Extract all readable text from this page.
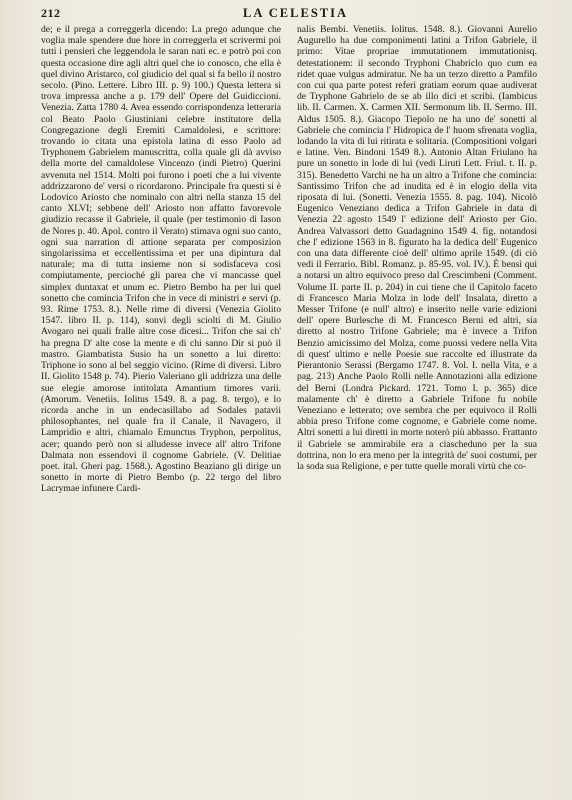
212	LA CELESTIA

de; e il prega a correggerla dicendo: La prego adunque che voglia male spendere due hore in correggerla et scrivermi poi tutti i pensieri che leggendola le saran nati ec. e potrò poi con questa occasione dire agli altri quel che io conosco, che ella è quel divino Aristarco, col giudicio del qual si fa bello il nostro secolo. (Pino. Lettere. Libro III. p. 9) 100.) Questa lettera si trova impressa anche a p. 179 dell' Opere del Guidiccioni. Venezia. Zatta 1780 4. Avea essendo corrispondenza letteraria col Beato Paolo Giustiniani celebre institutore della Congregazione degli Eremiti Camaldolesi, e scrittore: trovando io citata una epistola latina di esso Paolo ad Tryphonem Gabrielem manuscritta, colla quale gli dà avviso della morte del camaldolese Vincenzo (indi Pietro) Querini avvenuta nel 1514. Molti poi furono i poeti che a lui vivente addrizzarono de' versi o ricordarono. Principale fra questi si è Lodovico Ariosto che nominalo con altri nella stanza 15 del canto XLVI; sebbene dell' Ariosto non affatto favorevole giudizio recasse il Gabriele, il quale (per testimonio di Iason de Nores p. 40. Apol. contro il Verato) stimava ogni suo canto, ogni sua narration di attione separata per composizion singolarissima et eccellentissima et per una dipintura dal naturale; ma di tutta insieme non si sodisfaceva così compiutamente, percioché gli parea che vi mancasse quel simplex duntaxat et unum ec. Pietro Bembo ha per lui quel sonetto che comincia Trifon che in vece di ministri e servi (p. 93. Rime 1753. 8.). Nelle rime di diversi (Venezia Giolito 1547. libro II. p. 114), sonvi degli sciolti di M. Giulio Avogaro nei quali fralle altre cose dicesi... Trifon che sai ch' ha pregna D' alte cose la mente e di chi sanno Dir si può il mastro. Giambatista Susio ha un sonetto a lui diretto: Triphone io sono al bel seggio vicino. (Rime di diversi. Libro II. Giolito 1548 p. 74). Pierio Valeriano gli addrizza una delle sue elegie amorose intitolata Amantium timores varii. (Amorum. Venetiis. Iolitus 1549. 8. a pag. 8. tergo), e lo ricorda anche in un endecasillabo ad Sodales patavii philosophantes, nel quale fra il Canale, il Navagero, il Lampridio e altri, chiamalo Emunctus Tryphon, perpolitus, acer; quando però non si alludesse invece all' altro Trifone Dalmata non essendovi il cognome Gabriele. (V. Delitiae poet. ital. Gheri pag. 1568.). Agostino Beaziano gli dirige un sonetto in morte di Pietro Bembo (p. 22 tergo del libro Lacrymae infunere Cardi-

nalis Bembi. Venetiis. Iolitus. 1548. 8.). Giovanni Aurelio Augurello ha due componimenti latini a Trifon Gabriele, il primo: Vitae propriae immutationem immutationisq. detestationem: il secondo Tryphoni Chabriclo quo cum ea ridet quae vulgus admiratur. Ne ha un terzo diretto a Pamfilo con cui qua parte potest referi gratiam eorum quae audiverat de Tryphone Gabrielo de se ab illo dici et scribi. (Iambicus lib. II. Carmen. X. Carmen XII. Sermonum lib. II. Sermo. III. Aldus 1505. 8.). Giacopo Tiepolo ne ha uno de' sonetti al Gabriele che comincia l' Hidropica de l' huom sfrenata voglia, lodando la vita di lui ritirata e solitaria. (Compositioni volgari e latine. Ven. Bindoni 1549 8.). Antonio Altan Friulano ha pure un sonetto in lode di lui (vedi Liruti Lett. Friul. t. II. p. 315). Benedetto Varchi ne ha un altro a Trifone che comincia: Santissimo Trifon che ad inudita ed è in elogio della vita riposata di lui. (Sonetti. Venezia 1555. 8. pag. 104). Nicolò Eugenico Veneziano dedica a Trifon Gabriele in data di Venezia 22 agosto 1549 l' edizione dell' Ariosto per Gio. Andrea Valvassori detto Guadagnino 1549 4. fig. notandosi che l' edizione 1563 in 8. figurato ha la dedica dell' Eugenico con una data differente cioè dell' ultimo aprile 1549. (di ciò vedi il Ferrario. Bibl. Romanz. p. 85-95. vol. IV.). È bensì qui a notarsi un altro equivoco preso dal Crescimbeni (Comment. Volume II. parte II. p. 204) in cui tiene che il Capitolo faceto di Francesco Maria Molza in lode dell' Insalata, diretto a Messer Trifone (e null' altro) e inserito nelle varie edizioni dell' opere Burlesche di M. Francesco Berni ed altri, sia diretto al nostro Trifone Gabriele; ma è invece a Trifon Benzio amicissimo del Molza, come puossi vedere nella Vita di quest' ultimo e nelle Poesie sue raccolte ed illustrate da Pierantonio Serassi (Bergamo 1747. 8. Vol. I. nella Vita, e a pag. 213) Anche Paolo Rolli nelle Annotazioni alla edizione del Berni (Londra Pickard. 1721. Tomo I. p. 365) dice malamente ch' è diretto a Gabriele Trifone fu nobile Veneziano e letterato; ove sembra che per equivoco il Rolli abbia preso Trifone come cognome, e Gabriele come nome. Altri sonetti a lui diretti in morte noterò più abbasso. Frattanto il Gabriele se ammirabile era a ciascheduno per la sua dottrina, non lo era meno per la integrità de' suoi costumi, per la soda sua Religione, e per tutte quelle morali virtù che co-
